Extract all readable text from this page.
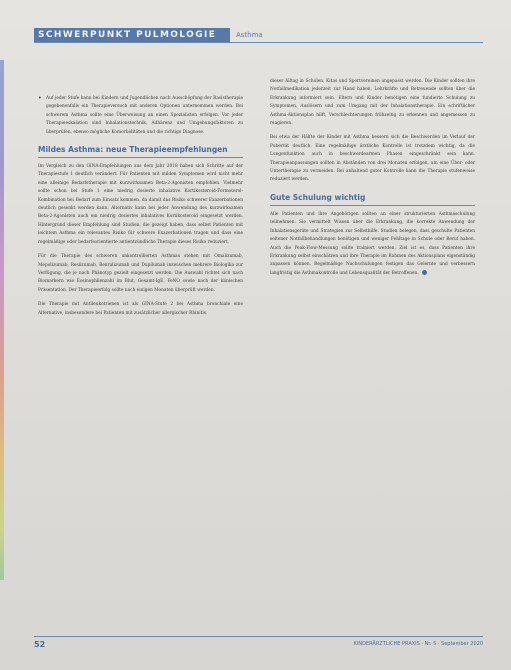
SCHWERPUNKT PULMOLOGIE	Asthma

• Auf jeder Stufe kann bei Kindern und Jugendlichen nach Ausschöpfung der Basistherapie gegebenenfalls ein Therapieversuch mit anderen Optionen unternommen werden. Bei schwerem Asthma sollte eine Überweisung an einen Spezialisten erfolgen. Vor jeder Therapieeskalation sind Inhalationstechnik, Adhärenz und Umgebungsfaktoren zu überprüfen, ebenso mögliche Komorbiditäten und die richtige Diagnose.

Mildes Asthma: neue Therapieempfehlungen

Im Vergleich zu den GINA-Empfehlungen aus dem Jahr 2018 haben sich Schritte auf der Therapiestufe 1 deutlich verändert. Für Patienten mit milden Symptomen wird nicht mehr eine alleinige Bedarfstherapie mit kurzwirksamen Beta-2-Agonisten empfohlen. Vielmehr sollte schon bei Stufe 1 eine niedrig dosierte inhalative Kortikosteroid-Formoterol-Kombination bei Bedarf zum Einsatz kommen, da damit das Risiko schwerer Exazerbationen deutlich gesenkt werden kann. Alternativ kann bei jeder Anwendung des kurzwirksamen Beta-2-Agonisten auch ein niedrig dosiertes inhalatives Kortikosteroid eingesetzt werden. Hintergrund dieser Empfehlung sind Studien, die gezeigt haben, dass selbst Patienten mit leichtem Asthma ein relevantes Risiko für schwere Exazerbationen tragen und dass eine regelmäßige oder bedarfsorientierte antientzündliche Therapie dieses Risiko reduziert.

Für die Therapie des schweren unkontrollierten Asthmas stehen mit Omalizumab, Mepolizumab, Reslizumab, Benralizumab und Dupilumab inzwischen mehrere Biologika zur Verfügung, die je nach Phänotyp gezielt eingesetzt werden. Die Auswahl richtet sich nach Biomarkern wie Eosinophilenzahl im Blut, Gesamt-IgE, FeNO sowie nach der klinischen Präsentation. Der Therapieerfolg sollte nach einigen Monaten überprüft werden.

Die Therapie mit Antileukotrienen ist als GINA-Stufe 2 bei Asthma bronchiale eine Alternative, insbesondere bei Patienten mit zusätzlicher allergischer Rhinitis.

dieser Alltag in Schulen, Kitas und Sportvereinen angepasst werden. Die Kinder sollten ihre Notfallmedikation jederzeit zur Hand haben. Lehrkräfte und Betreuende sollten über die Erkrankung informiert sein. Eltern und Kinder benötigen eine fundierte Schulung zu Symptomen, Auslösern und zum Umgang mit der Inhalationstherapie. Ein schriftlicher Asthma-Aktionsplan hilft, Verschlechterungen frühzeitig zu erkennen und angemessen zu reagieren.

Bei etwa der Hälfte der Kinder mit Asthma bessern sich die Beschwerden im Verlauf der Pubertät deutlich. Eine regelmäßige ärztliche Kontrolle ist trotzdem wichtig, da die Lungenfunktion auch in beschwerdearmen Phasen eingeschränkt sein kann. Therapieanpassungen sollten in Abständen von drei Monaten erfolgen, um eine Über- oder Untertherapie zu vermeiden. Bei anhaltend guter Kontrolle kann die Therapie stufenweise reduziert werden.

Gute Schulung wichtig

Alle Patienten und ihre Angehörigen sollten an einer strukturierten Asthmaschulung teilnehmen. Sie vermittelt Wissen über die Erkrankung, die korrekte Anwendung der Inhalationsgeräte und Strategien zur Selbsthilfe. Studien belegen, dass geschulte Patienten seltener Notfallbehandlungen benötigen und weniger Fehltage in Schule oder Beruf haben. Auch die Peak-Flow-Messung sollte trainiert werden. Ziel ist es, dass Patienten ihre Erkrankung selbst einschätzen und ihre Therapie im Rahmen des Aktionsplans eigenständig anpassen können. Regelmäßige Nachschulungen festigen das Gelernte und verbessern langfristig die Asthmakontrolle und Lebensqualität der Betroffenen.

52	KINDERÄRZTLICHE PRAXIS · Nr. 5 · September 2020
